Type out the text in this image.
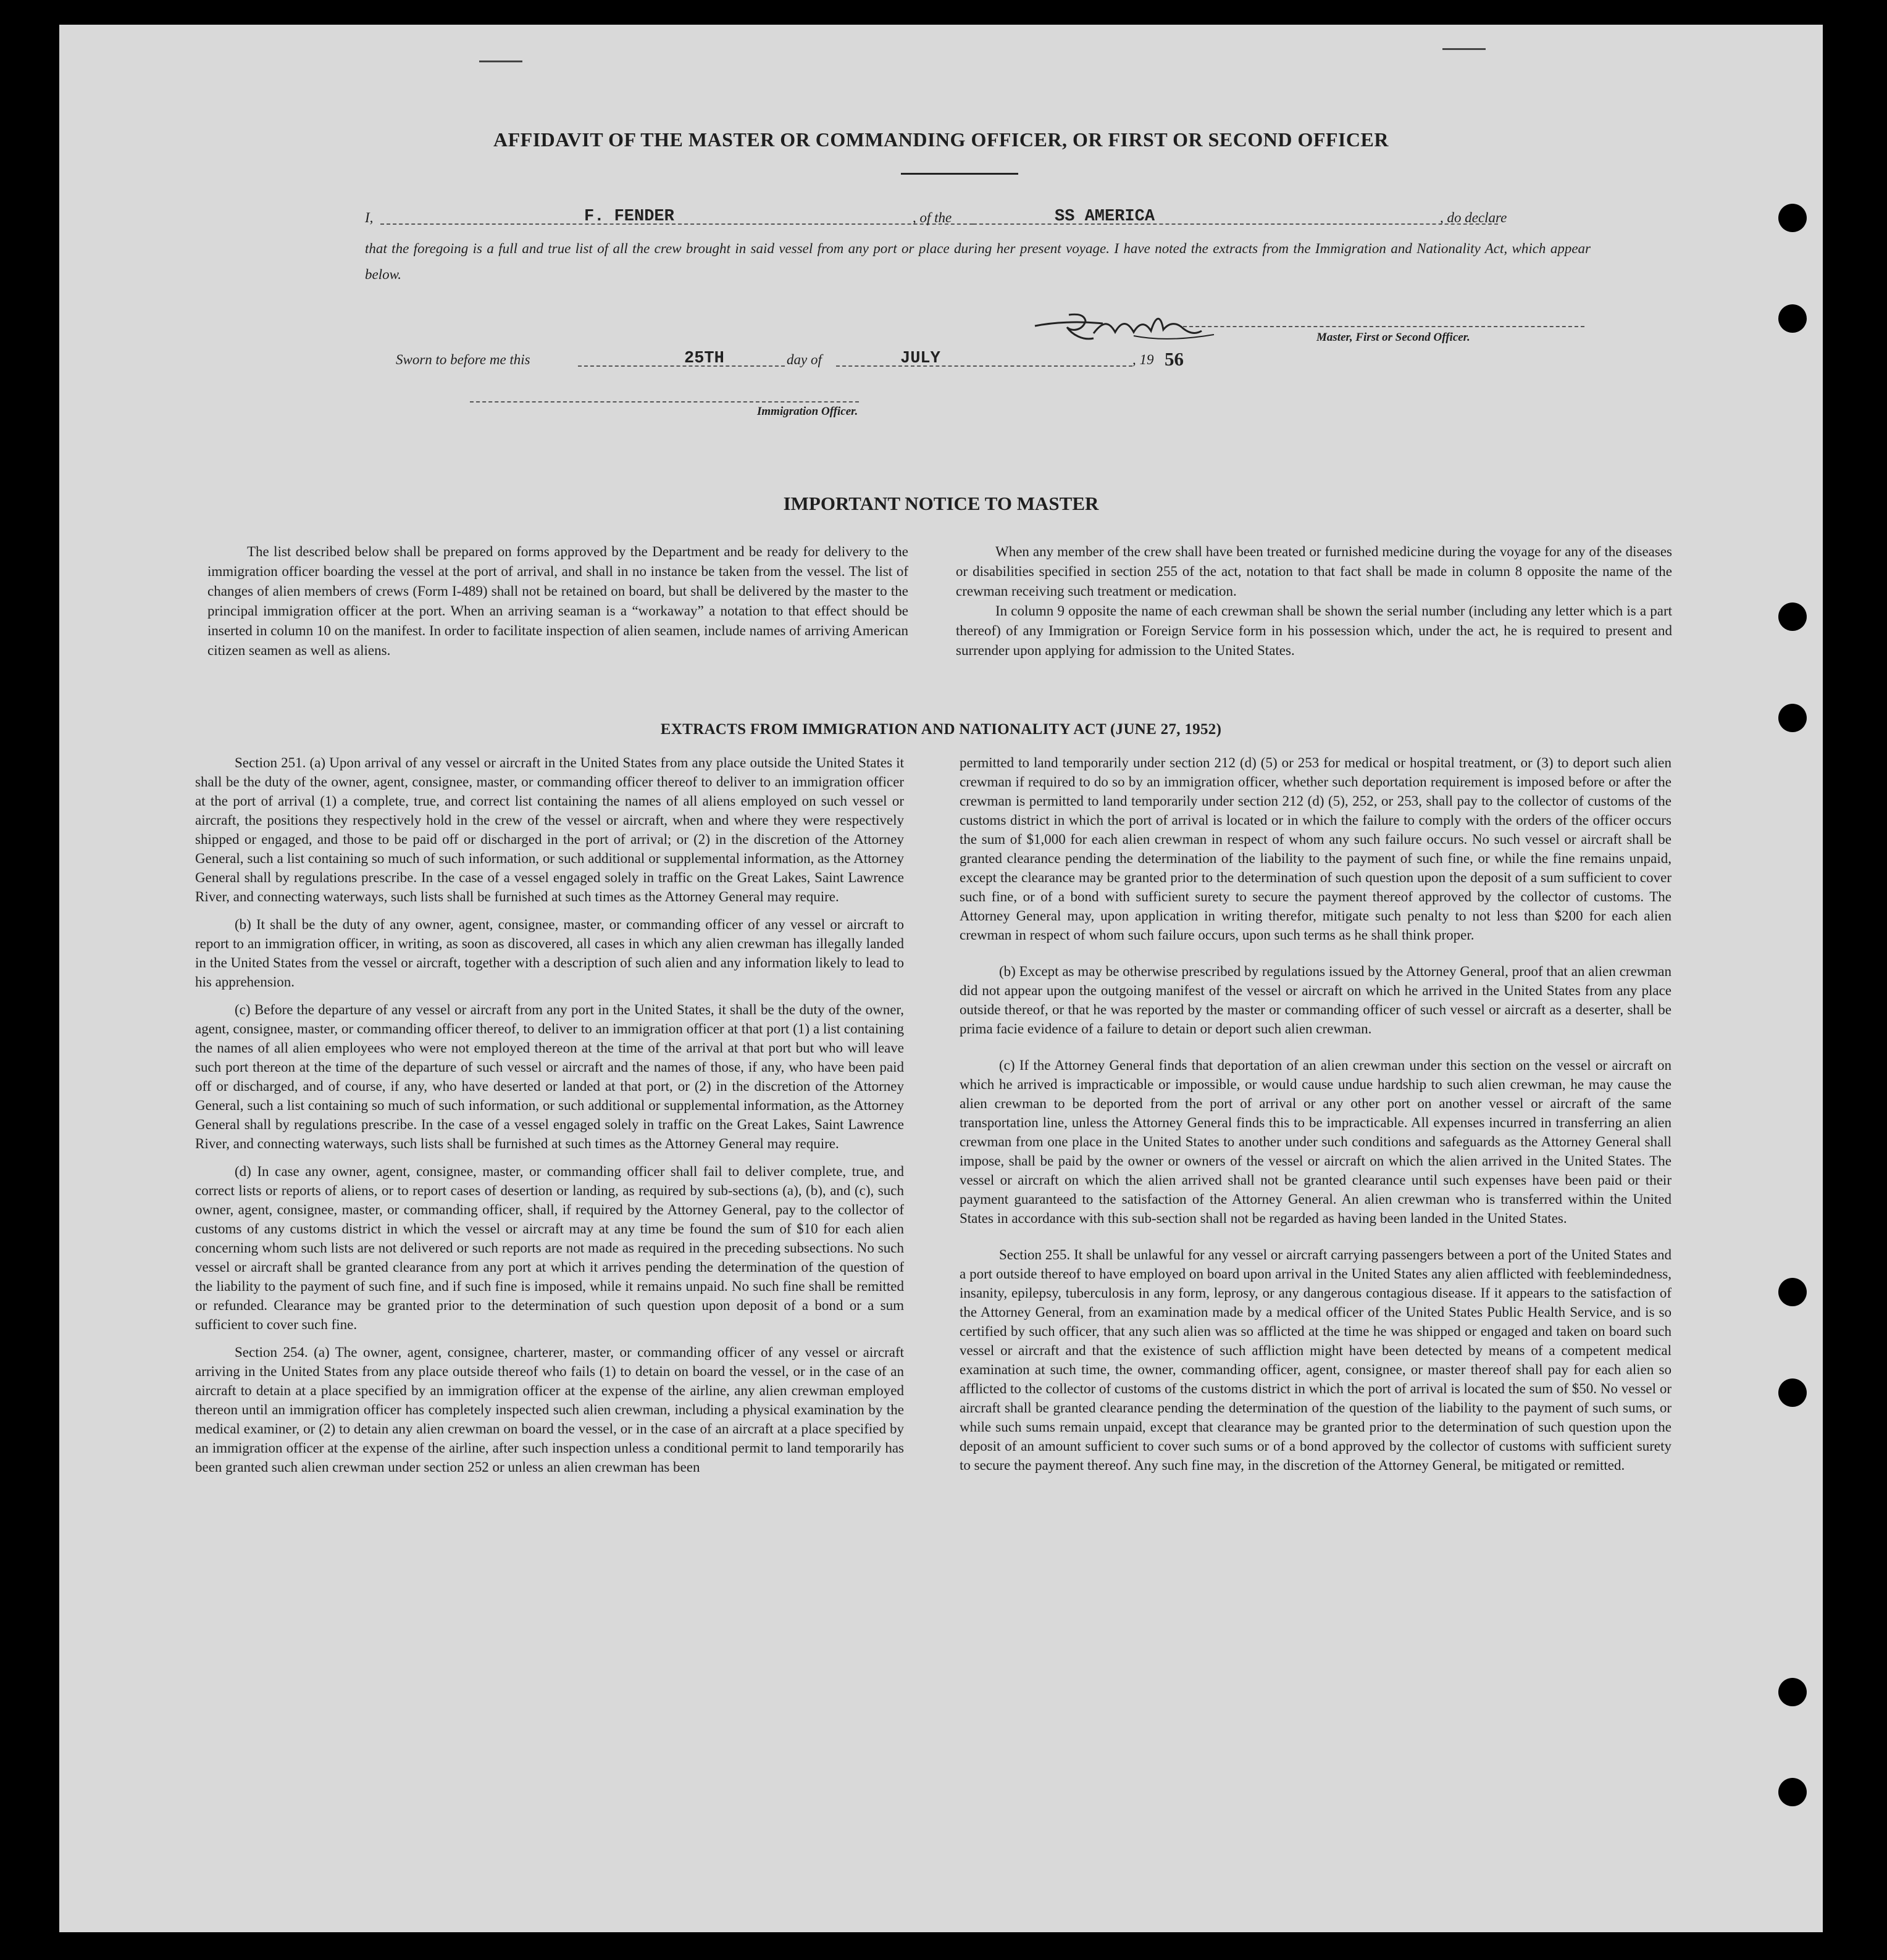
AFFIDAVIT OF THE MASTER OR COMMANDING OFFICER, OR FIRST OR SECOND OFFICER
I,	F. FENDER	, of the	SS AMERICA	, do declare
that the foregoing is a full and true list of all the crew brought in said vessel from any port or place during her present voyage. I have noted the extracts from the Immigration and Nationality Act, which appear below.
Master, First or Second Officer.
Sworn to before me this	25TH	day of	JULY	, 19 56
Immigration Officer.
IMPORTANT NOTICE TO MASTER

The list described below shall be prepared on forms approved by the Department and be ready for delivery to the immigration officer boarding the vessel at the port of arrival, and shall in no instance be taken from the vessel. The list of changes of alien members of crews (Form I-489) shall not be retained on board, but shall be delivered by the master to the principal immigration officer at the port. When an arriving seaman is a “workaway” a notation to that effect should be inserted in column 10 on the manifest. In order to facilitate inspection of alien seamen, include names of arriving American citizen seamen as well as aliens.

When any member of the crew shall have been treated or furnished medicine during the voyage for any of the diseases or disabilities specified in section 255 of the act, notation to that fact shall be made in column 8 opposite the name of the crewman receiving such treatment or medication.

In column 9 opposite the name of each crewman shall be shown the serial number (including any letter which is a part thereof) of any Immigration or Foreign Service form in his possession which, under the act, he is required to present and surrender upon applying for admission to the United States.

EXTRACTS FROM IMMIGRATION AND NATIONALITY ACT (JUNE 27, 1952)

Section 251. (a) Upon arrival of any vessel or aircraft in the United States from any place outside the United States it shall be the duty of the owner, agent, consignee, master, or commanding officer thereof to deliver to an immigration officer at the port of arrival (1) a complete, true, and correct list containing the names of all aliens employed on such vessel or aircraft, the positions they respectively hold in the crew of the vessel or aircraft, when and where they were respectively shipped or engaged, and those to be paid off or discharged in the port of arrival; or (2) in the discretion of the Attorney General, such a list containing so much of such information, or such additional or supplemental information, as the Attorney General shall by regulations prescribe. In the case of a vessel engaged solely in traffic on the Great Lakes, Saint Lawrence River, and connecting waterways, such lists shall be furnished at such times as the Attorney General may require.

(b) It shall be the duty of any owner, agent, consignee, master, or commanding officer of any vessel or aircraft to report to an immigration officer, in writing, as soon as discovered, all cases in which any alien crewman has illegally landed in the United States from the vessel or aircraft, together with a description of such alien and any information likely to lead to his apprehension.

(c) Before the departure of any vessel or aircraft from any port in the United States, it shall be the duty of the owner, agent, consignee, master, or commanding officer thereof, to deliver to an immigration officer at that port (1) a list containing the names of all alien employees who were not employed thereon at the time of the arrival at that port but who will leave such port thereon at the time of the departure of such vessel or aircraft and the names of those, if any, who have been paid off or discharged, and of course, if any, who have deserted or landed at that port, or (2) in the discretion of the Attorney General, such a list containing so much of such information, or such additional or supplemental information, as the Attorney General shall by regulations prescribe. In the case of a vessel engaged solely in traffic on the Great Lakes, Saint Lawrence River, and connecting waterways, such lists shall be furnished at such times as the Attorney General may require.

(d) In case any owner, agent, consignee, master, or commanding officer shall fail to deliver complete, true, and correct lists or reports of aliens, or to report cases of desertion or landing, as required by sub-sections (a), (b), and (c), such owner, agent, consignee, master, or commanding officer, shall, if required by the Attorney General, pay to the collector of customs of any customs district in which the vessel or aircraft may at any time be found the sum of $10 for each alien concerning whom such lists are not delivered or such reports are not made as required in the preceding subsections. No such vessel or aircraft shall be granted clearance from any port at which it arrives pending the determination of the question of the liability to the payment of such fine, and if such fine is imposed, while it remains unpaid. No such fine shall be remitted or refunded. Clearance may be granted prior to the determination of such question upon deposit of a bond or a sum sufficient to cover such fine.

Section 254. (a) The owner, agent, consignee, charterer, master, or commanding officer of any vessel or aircraft arriving in the United States from any place outside thereof who fails (1) to detain on board the vessel, or in the case of an aircraft to detain at a place specified by an immigration officer at the expense of the airline, any alien crewman employed thereon until an immigration officer has completely inspected such alien crewman, including a physical examination by the medical examiner, or (2) to detain any alien crewman on board the vessel, or in the case of an aircraft at a place specified by an immigration officer at the expense of the airline, after such inspection unless a conditional permit to land temporarily has been granted such alien crewman under section 252 or unless an alien crewman has been

permitted to land temporarily under section 212 (d) (5) or 253 for medical or hospital treatment, or (3) to deport such alien crewman if required to do so by an immigration officer, whether such deportation requirement is imposed before or after the crewman is permitted to land temporarily under section 212 (d) (5), 252, or 253, shall pay to the collector of customs of the customs district in which the port of arrival is located or in which the failure to comply with the orders of the officer occurs the sum of $1,000 for each alien crewman in respect of whom any such failure occurs. No such vessel or aircraft shall be granted clearance pending the determination of the liability to the payment of such fine, or while the fine remains unpaid, except the clearance may be granted prior to the determination of such question upon the deposit of a sum sufficient to cover such fine, or of a bond with sufficient surety to secure the payment thereof approved by the collector of customs. The Attorney General may, upon application in writing therefor, mitigate such penalty to not less than $200 for each alien crewman in respect of whom such failure occurs, upon such terms as he shall think proper.

(b) Except as may be otherwise prescribed by regulations issued by the Attorney General, proof that an alien crewman did not appear upon the outgoing manifest of the vessel or aircraft on which he arrived in the United States from any place outside thereof, or that he was reported by the master or commanding officer of such vessel or aircraft as a deserter, shall be prima facie evidence of a failure to detain or deport such alien crewman.

(c) If the Attorney General finds that deportation of an alien crewman under this section on the vessel or aircraft on which he arrived is impracticable or impossible, or would cause undue hardship to such alien crewman, he may cause the alien crewman to be deported from the port of arrival or any other port on another vessel or aircraft of the same transportation line, unless the Attorney General finds this to be impracticable. All expenses incurred in transferring an alien crewman from one place in the United States to another under such conditions and safeguards as the Attorney General shall impose, shall be paid by the owner or owners of the vessel or aircraft on which the alien arrived in the United States. The vessel or aircraft on which the alien arrived shall not be granted clearance until such expenses have been paid or their payment guaranteed to the satisfaction of the Attorney General. An alien crewman who is transferred within the United States in accordance with this sub-section shall not be regarded as having been landed in the United States.

Section 255. It shall be unlawful for any vessel or aircraft carrying passengers between a port of the United States and a port outside thereof to have employed on board upon arrival in the United States any alien afflicted with feeblemindedness, insanity, epilepsy, tuberculosis in any form, leprosy, or any dangerous contagious disease. If it appears to the satisfaction of the Attorney General, from an examination made by a medical officer of the United States Public Health Service, and is so certified by such officer, that any such alien was so afflicted at the time he was shipped or engaged and taken on board such vessel or aircraft and that the existence of such affliction might have been detected by means of a competent medical examination at such time, the owner, commanding officer, agent, consignee, or master thereof shall pay for each alien so afflicted to the collector of customs of the customs district in which the port of arrival is located the sum of $50. No vessel or aircraft shall be granted clearance pending the determination of the question of the liability to the payment of such sums, or while such sums remain unpaid, except that clearance may be granted prior to the determination of such question upon the deposit of an amount sufficient to cover such sums or of a bond approved by the collector of customs with sufficient surety to secure the payment thereof. Any such fine may, in the discretion of the Attorney General, be mitigated or remitted.
